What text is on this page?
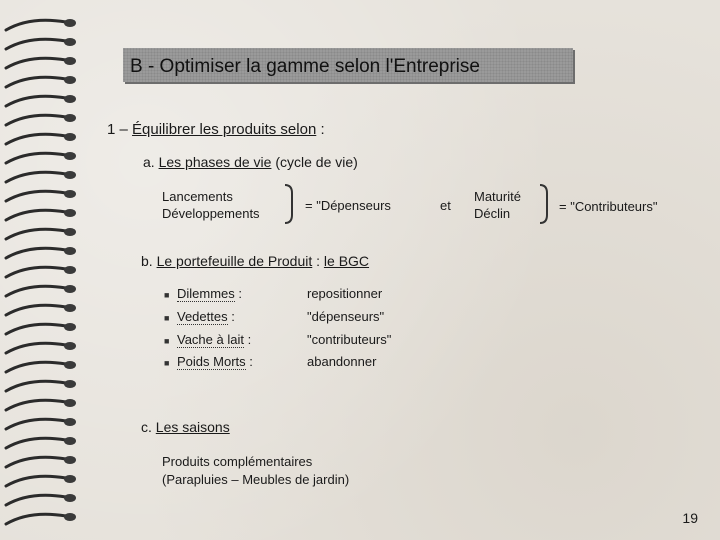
B - Optimiser la gamme selon l'Entreprise
1 – Équilibrer les produits selon :
a. Les phases de vie (cycle de vie)
Lancements
Développements
= "Dépenseurs	et
Maturité
Déclin	= "Contributeurs"
b. Le portefeuille de Produit : le BGC
■ Dilemmes :	repositionner
■ Vedettes :	"dépenseurs"
■ Vache à lait :	"contributeurs"
■ Poids Morts :	abandonner
c. Les saisons
Produits complémentaires
(Parapluies – Meubles de jardin)
19
